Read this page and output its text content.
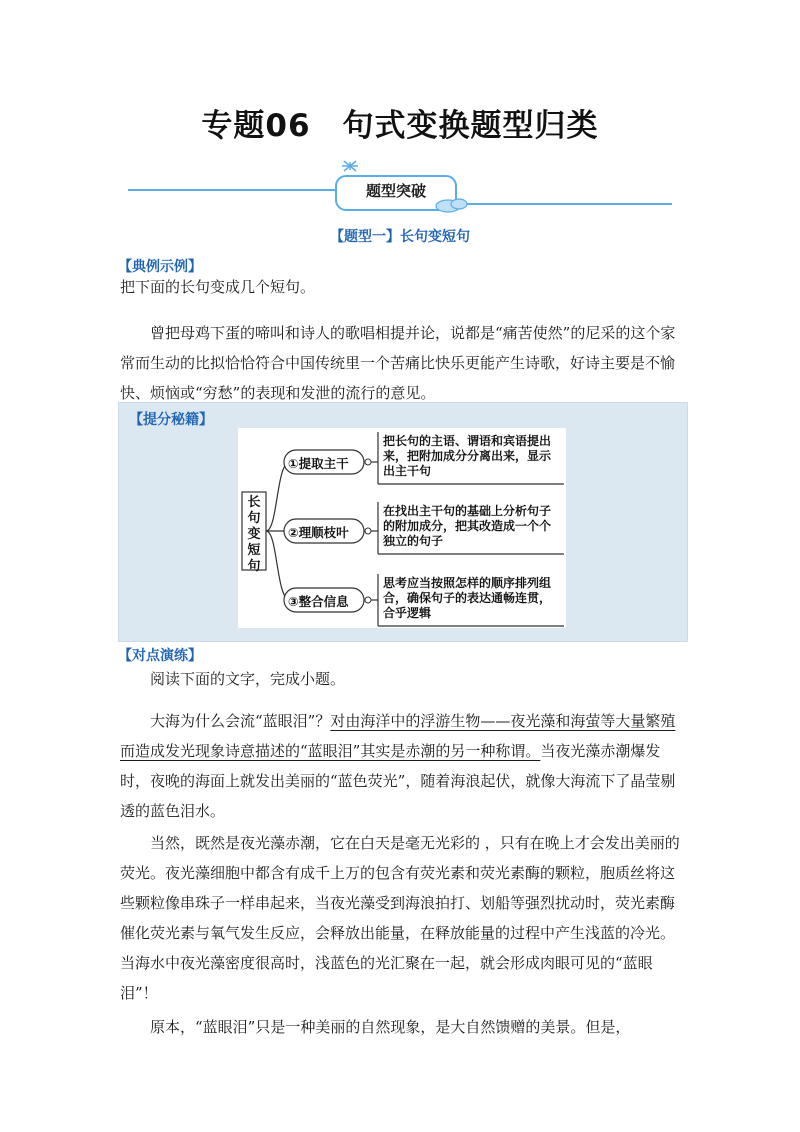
专题06　句式变换题型归类
题型突破
【题型一】长句变短句
【典例示例】

把下面的长句变成几个短句。

曾把母鸡下蛋的啼叫和诗人的歌唱相提并论，说都是“痛苦使然”的尼采的这个家常而生动的比拟恰恰符合中国传统里一个苦痛比快乐更能产生诗歌，好诗主要是不愉快、烦恼或“穷愁”的表现和发泄的流行的意见。

【提分秘籍】
长句变短句
①提取主干
②理顺枝叶
③整合信息

把长句的主语、谓语和宾语提出来，把附加成分分离出来，显示出主干句

在找出主干句的基础上分析句子的附加成分，把其改造成一个个独立的句子

思考应当按照怎样的顺序排列组合，确保句子的表达通畅连贯，合乎逻辑

【对点演练】

阅读下面的文字，完成小题。

大海为什么会流“蓝眼泪”？对由海洋中的浮游生物——夜光藻和海萤等大量繁殖而造成发光现象诗意描述的“蓝眼泪”其实是赤潮的另一种称谓。当夜光藻赤潮爆发时，夜晚的海面上就发出美丽的“蓝色荧光”，随着海浪起伏，就像大海流下了晶莹剔透的蓝色泪水。

当然，既然是夜光藻赤潮，它在白天是毫无光彩的 ，只有在晚上才会发出美丽的荧光。夜光藻细胞中都含有成千上万的包含有荧光素和荧光素酶的颗粒，胞质丝将这些颗粒像串珠子一样串起来，当夜光藻受到海浪拍打、划船等强烈扰动时，荧光素酶催化荧光素与氧气发生反应，会释放出能量，在释放能量的过程中产生浅蓝的冷光。当海水中夜光藻密度很高时，浅蓝色的光汇聚在一起，就会形成肉眼可见的“蓝眼泪”！

原本，“蓝眼泪”只是一种美丽的自然现象，是大自然馈赠的美景。但是，
